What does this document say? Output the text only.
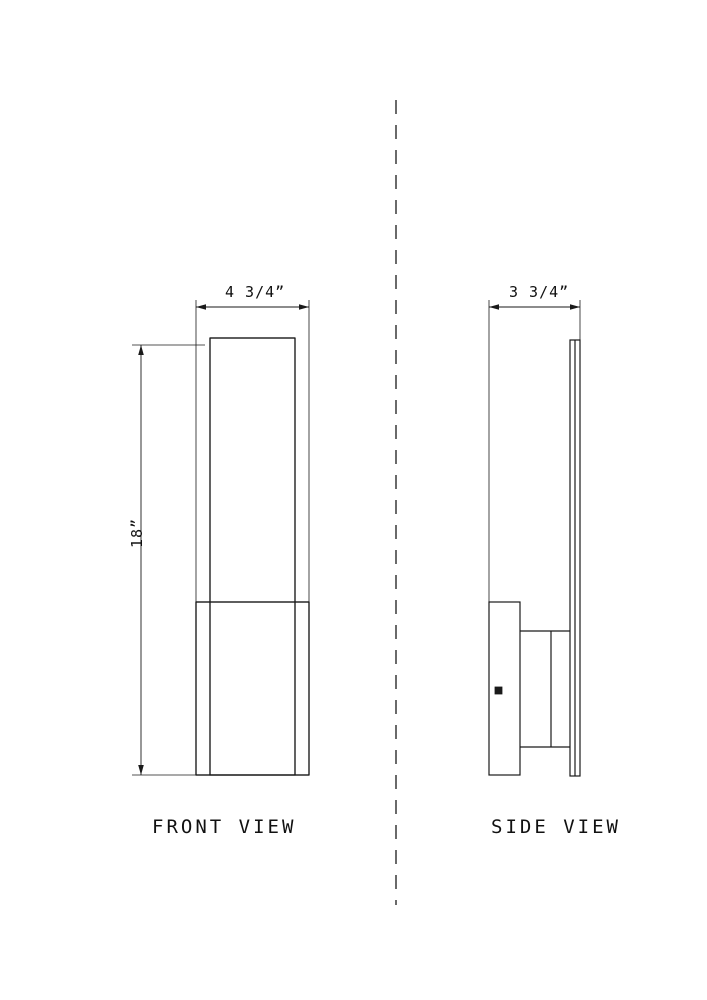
4 3/4”
18”
3 3/4”
FRONT VIEW	SIDE VIEW
